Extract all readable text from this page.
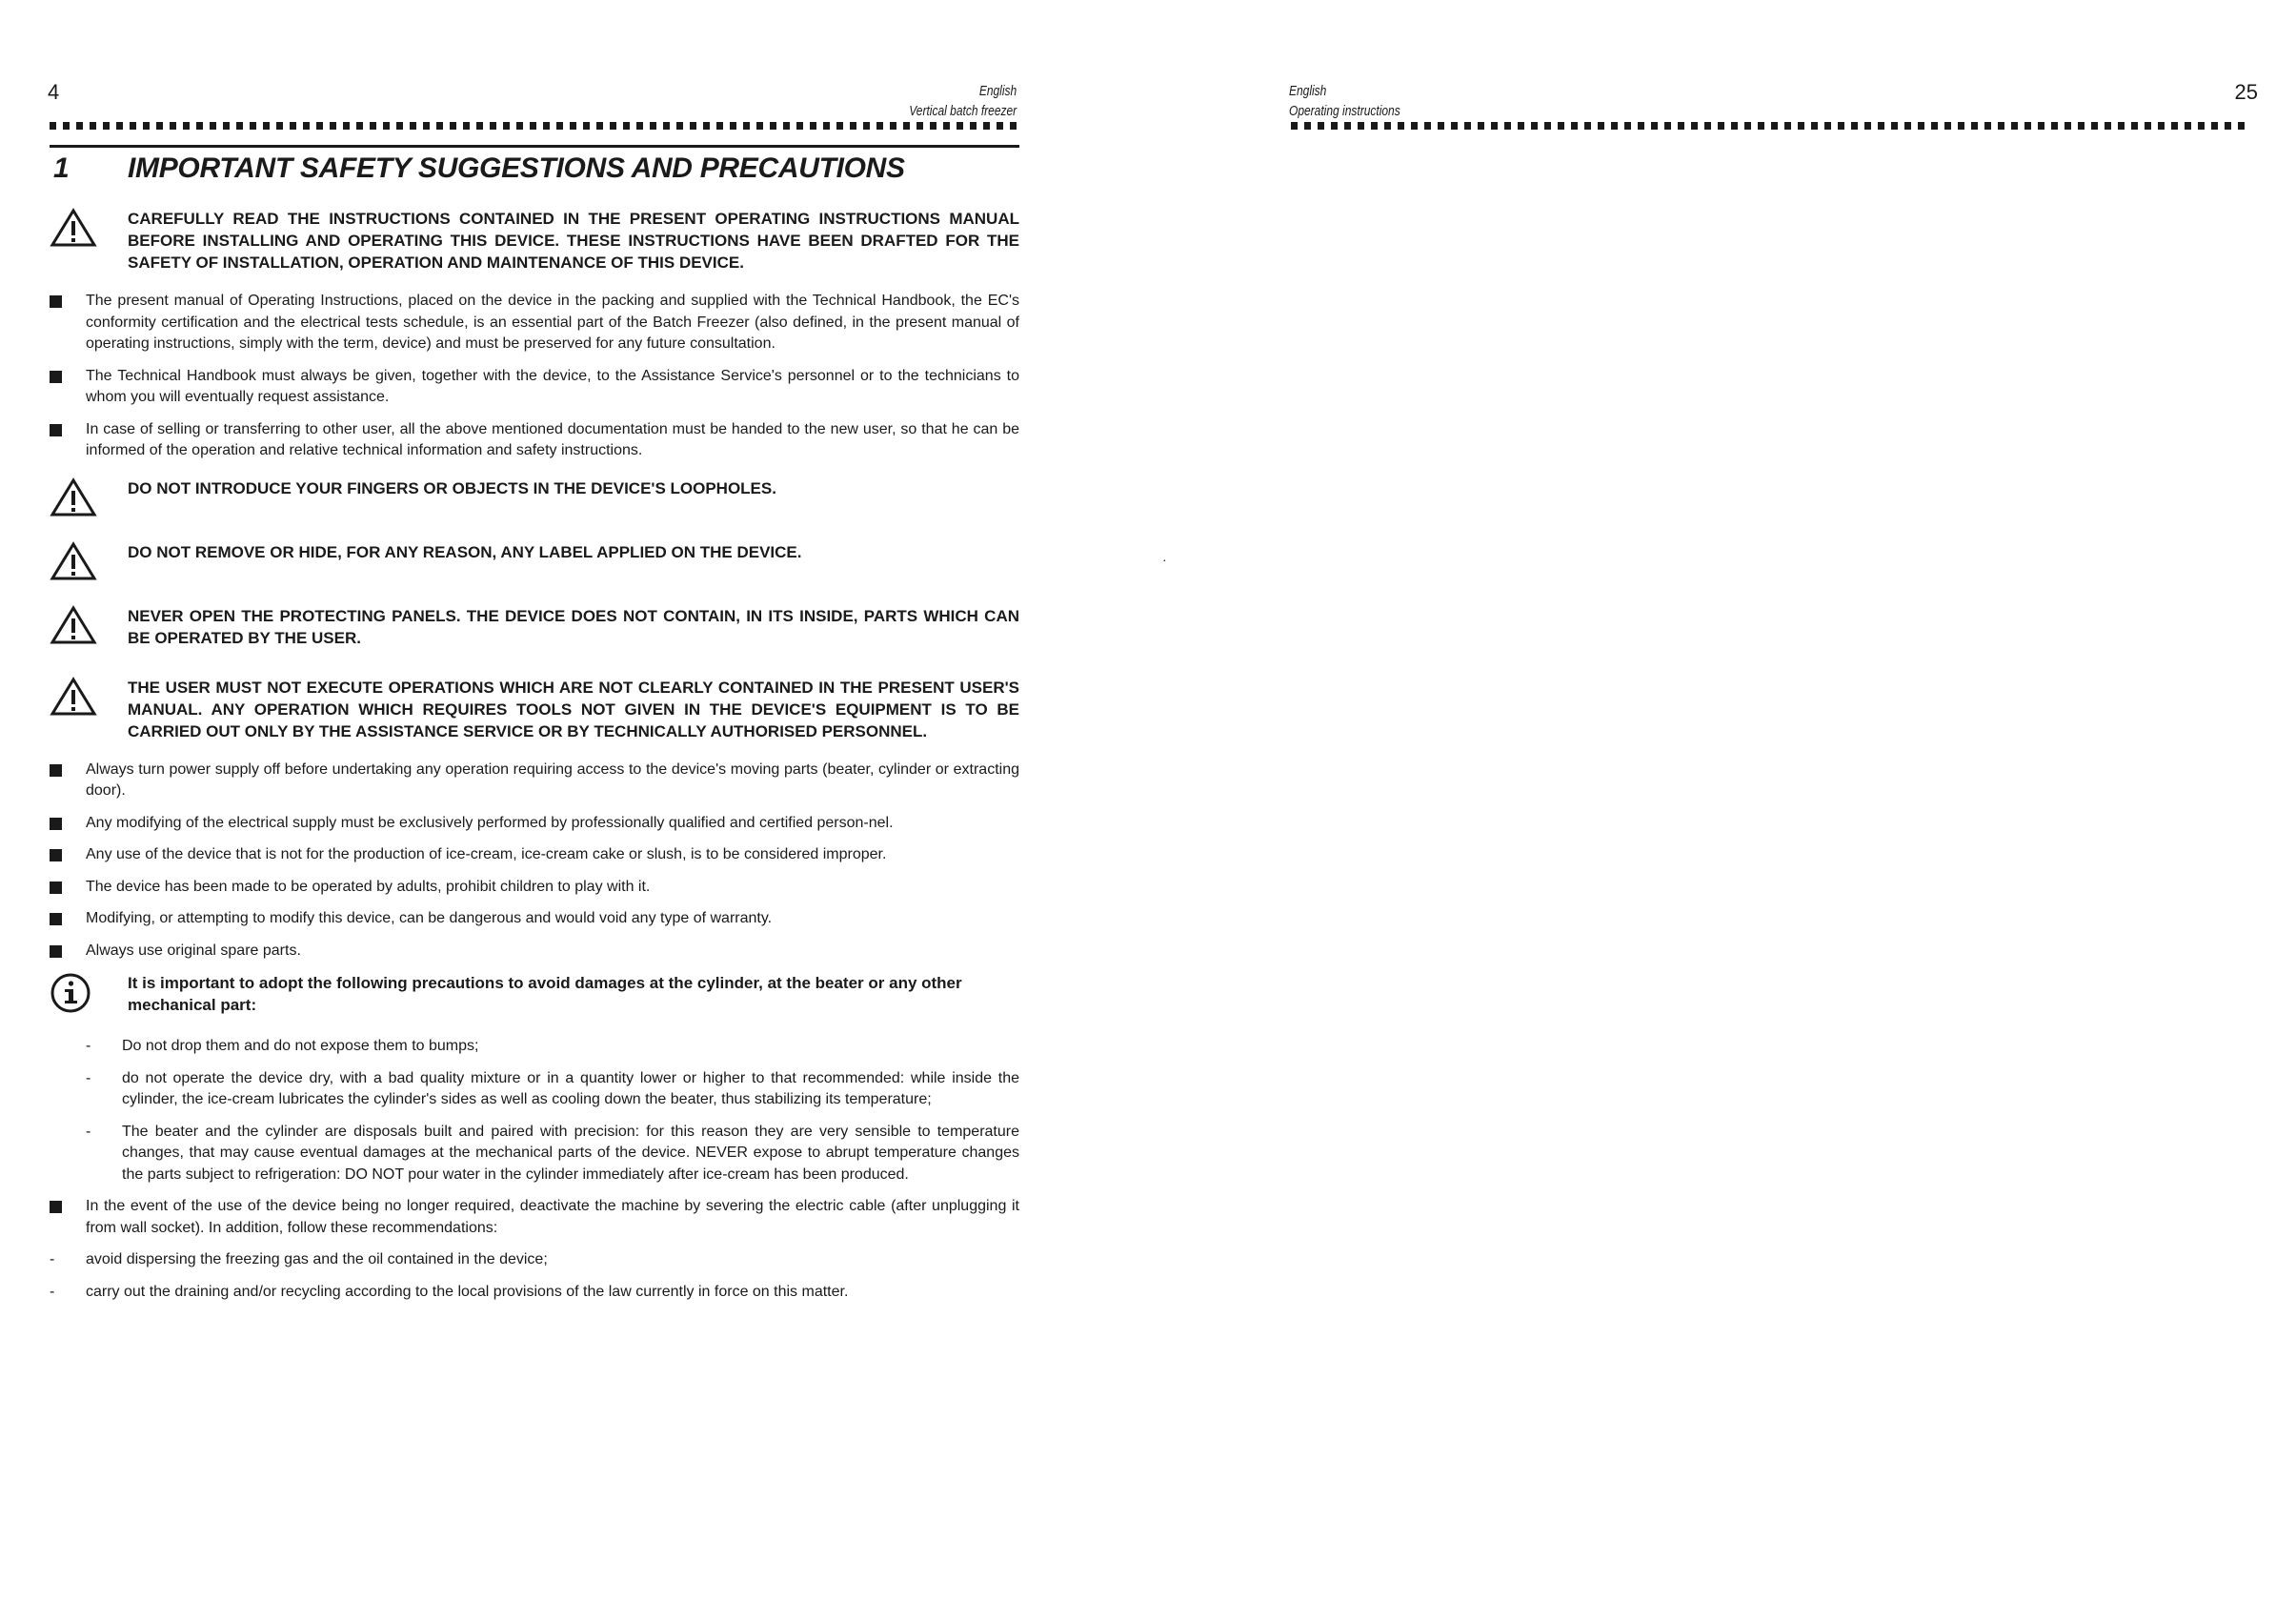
4	English
Vertical batch freezer
1	IMPORTANT SAFETY SUGGESTIONS AND PRECAUTIONS
CAREFULLY READ THE INSTRUCTIONS CONTAINED IN THE PRESENT OPERATING INSTRUCTIONS MANUAL BEFORE INSTALLING AND OPERATING THIS DEVICE. THESE INSTRUCTIONS HAVE BEEN DRAFTED FOR THE SAFETY OF INSTALLATION, OPERATION AND MAINTENANCE OF THIS DEVICE.
The present manual of Operating Instructions, placed on the device in the packing and supplied with the Technical Handbook, the EC's conformity certification and the electrical tests schedule, is an essential part of the Batch Freezer (also defined, in the present manual of operating instructions, simply with the term, device) and must be preserved for any future consultation.
The Technical Handbook must always be given, together with the device, to the Assistance Service's personnel or to the technicians to whom you will eventually request assistance.
In case of selling or transferring to other user, all the above mentioned documentation must be handed to the new user, so that he can be informed of the operation and relative technical information and safety instructions.
DO NOT INTRODUCE YOUR FINGERS OR OBJECTS IN THE DEVICE'S LOOPHOLES.
DO NOT REMOVE OR HIDE, FOR ANY REASON, ANY LABEL APPLIED ON THE DEVICE.
NEVER OPEN THE PROTECTING PANELS. THE DEVICE DOES NOT CONTAIN, IN ITS INSIDE, PARTS WHICH CAN BE OPERATED BY THE USER.
THE USER MUST NOT EXECUTE OPERATIONS WHICH ARE NOT CLEARLY CONTAINED IN THE PRESENT USER'S MANUAL. ANY OPERATION WHICH REQUIRES TOOLS NOT GIVEN IN THE DEVICE'S EQUIPMENT IS TO BE CARRIED OUT ONLY BY THE ASSISTANCE SERVICE OR BY TECHNICALLY AUTHORISED PERSONNEL.
Always turn power supply off before undertaking any operation requiring access to the device's moving parts (beater, cylinder or extracting door).
Any modifying of the electrical supply must be exclusively performed by professionally qualified and certified person-nel.
Any use of the device that is not for the production of ice-cream, ice-cream cake or slush, is to be considered improper.
The device has been made to be operated by adults, prohibit children to play with it.
Modifying, or attempting to modify this device, can be dangerous and would void any type of warranty.
Always use original spare parts.
It is important to adopt the following precautions to avoid damages at the cylinder, at the beater or any other mechanical part:
-	Do not drop them and do not expose them to bumps;
-	do not operate the device dry, with a bad quality mixture or in a quantity lower or higher to that recommended: while inside the cylinder, the ice-cream lubricates the cylinder's sides as well as cooling down the beater, thus stabilizing its temperature;
-	The beater and the cylinder are disposals built and paired with precision: for this reason they are very sensible to temperature changes, that may cause eventual damages at the mechanical parts of the device. NEVER expose to abrupt temperature changes the parts subject to refrigeration: DO NOT pour water in the cylinder immediately after ice-cream has been produced.
In the event of the use of the device being no longer required, deactivate the machine by severing the electric cable (after unplugging it from wall socket). In addition, follow these recommendations:
-	avoid dispersing the freezing gas and the oil contained in the device;
-	carry out the draining and/or recycling according to the local provisions of the law currently in force on this matter.
․
25
English
Operating instructions
